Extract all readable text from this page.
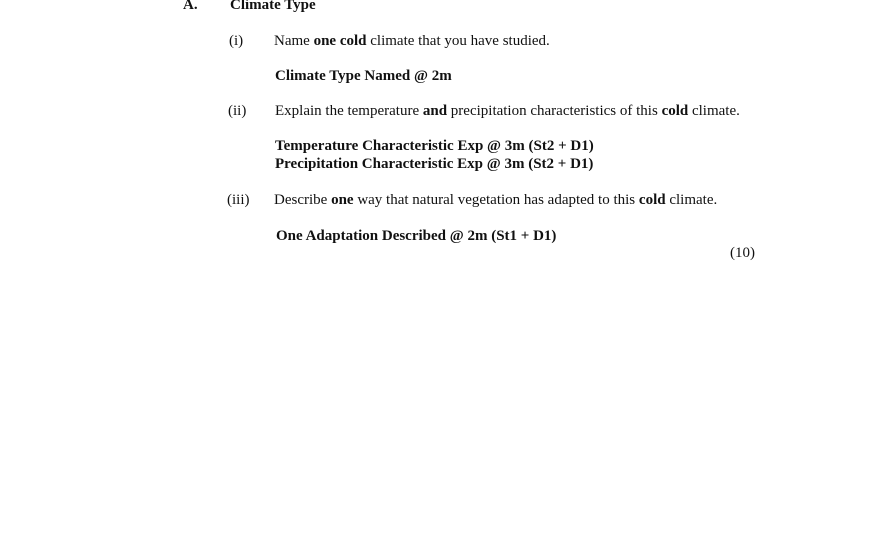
A. Climate Type
(i) Name one cold climate that you have studied.
Climate Type Named @ 2m
(ii) Explain the temperature and precipitation characteristics of this cold climate.
Temperature Characteristic Exp @ 3m (St2 + D1)
Precipitation Characteristic Exp @ 3m (St2 + D1)
(iii) Describe one way that natural vegetation has adapted to this cold climate.
One Adaptation Described @ 2m (St1 + D1)
(10)
